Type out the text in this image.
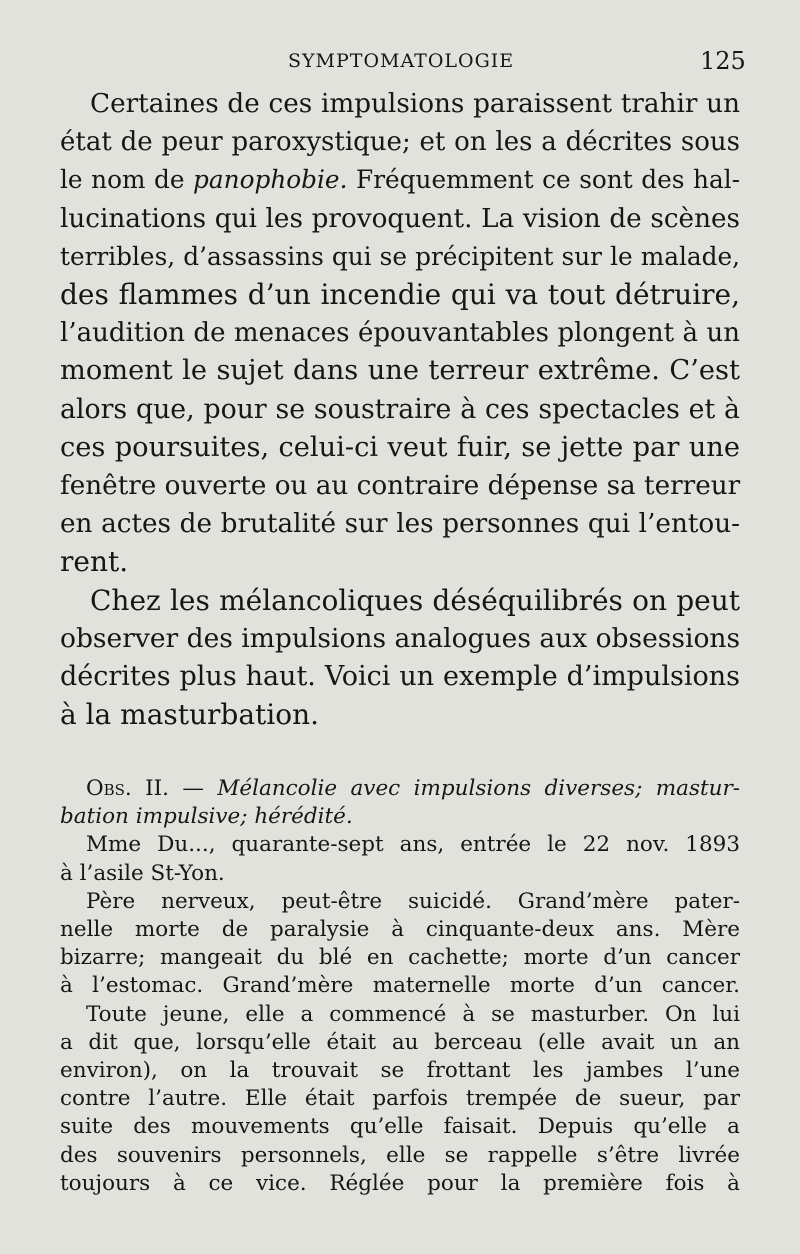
SYMPTOMATOLOGIE	125
Certaines de ces impulsions paraissent trahir un
état de peur paroxystique; et on les a décrites sous
le nom de panophobie. Fréquemment ce sont des hal-
lucinations qui les provoquent. La vision de scènes
terribles, d’assassins qui se précipitent sur le malade,
des flammes d’un incendie qui va tout détruire,
l’audition de menaces épouvantables plongent à un
moment le sujet dans une terreur extrême. C’est
alors que, pour se soustraire à ces spectacles et à
ces poursuites, celui-ci veut fuir, se jette par une
fenêtre ouverte ou au contraire dépense sa terreur
en actes de brutalité sur les personnes qui l’entou-
rent.
Chez les mélancoliques déséquilibrés on peut
observer des impulsions analogues aux obsessions
décrites plus haut. Voici un exemple d’impulsions
à la masturbation.
Obs. II. — Mélancolie avec impulsions diverses; mastur-
bation impulsive; hérédité.
Mme Du..., quarante-sept ans, entrée le 22 nov. 1893
à l’asile St-Yon.
Père nerveux, peut-être suicidé. Grand’mère pater-
nelle morte de paralysie à cinquante-deux ans. Mère
bizarre; mangeait du blé en cachette; morte d’un cancer
à l’estomac. Grand’mère maternelle morte d’un cancer.
Toute jeune, elle a commencé à se masturber. On lui
a dit que, lorsqu’elle était au berceau (elle avait un an
environ), on la trouvait se frottant les jambes l’une
contre l’autre. Elle était parfois trempée de sueur, par
suite des mouvements qu’elle faisait. Depuis qu’elle a
des souvenirs personnels, elle se rappelle s’être livrée
toujours à ce vice. Réglée pour la première fois à
